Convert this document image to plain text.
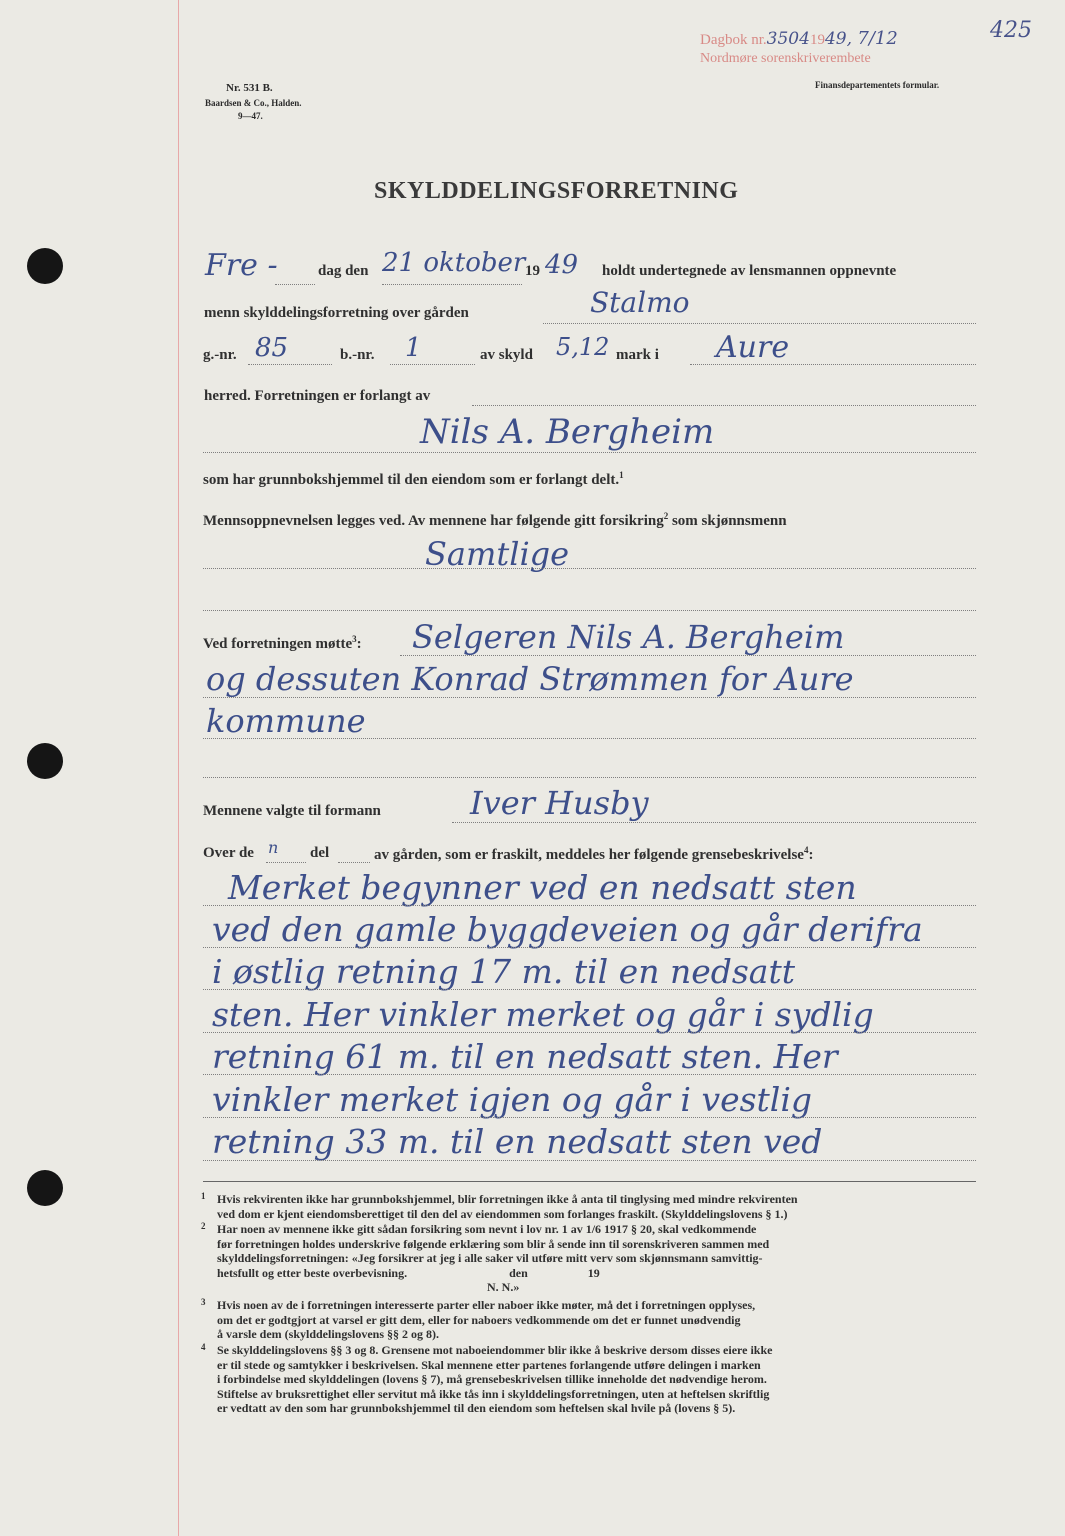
Dagbok nr.35041949, 7/12
Nordmøre sorenskriverembete
425
Nr. 531 B.
Baardsen & Co., Halden.
9—47.
Finansdepartementets formular.
SKYLDDELINGSFORRETNING
Fre -	dag den 21 oktober 19 49 holdt undertegnede av lensmannen oppnevnte
menn skylddelingsforretning over gården	Stalmo
g.-nr. 85	b.-nr. 1	av skyld 5,12 mark i Aure
herred. Forretningen er forlangt av
Nils A. Bergheim
som har grunnbokshjemmel til den eiendom som er forlangt delt.$^1$
Mennsoppnevnelsen legges ved. Av mennene har følgende gitt forsikring$^2$ som skjønnsmenn
Samtlige
Ved forretningen møtte$^3$: Selgeren Nils A. Bergheim
og dessuten Konrad Strømmen for Aure
kommune
Mennene valgte til formann	Iver Husby
Over de n del	av gården, som er fraskilt, meddeles her følgende grensebeskrivelse$^4$:
Merket begynner ved en nedsatt sten
ved den gamle byggdeveien og går derifra
i østlig retning 17 m. til en nedsatt
sten. Her vinkler merket og går i sydlig
retning 61 m. til en nedsatt sten. Her
vinkler merket igjen og går i vestlig
retning 33 m. til en nedsatt sten ved
1 Hvis rekvirenten ikke har grunnbokshjemmel, blir forretningen ikke å anta til tinglysing med mindre rekvirenten
ved dom er kjent eiendomsberettiget til den del av eiendommen som forlanges fraskilt. (Skylddelingslovens § 1.)
2 Har noen av mennene ikke gitt sådan forsikring som nevnt i lov nr. 1 av 1/6 1917 § 20, skal vedkommende
før forretningen holdes underskrive følgende erklæring som blir å sende inn til sorenskriveren sammen med
skylddelingsforretningen: «Jeg forsikrer at jeg i alle saker vil utføre mitt verv som skjønnsmann samvittig-
hetsfullt og etter beste overbevisning.                                  den                    19
N. N.»
3 Hvis noen av de i forretningen interesserte parter eller naboer ikke møter, må det i forretningen opplyses,
om det er godtgjort at varsel er gitt dem, eller for naboers vedkommende om det er funnet unødvendig
å varsle dem (skylddelingslovens §§ 2 og 8).
4 Se skylddelingslovens §§ 3 og 8. Grensene mot naboeiendommer blir ikke å beskrive dersom disses eiere ikke
er til stede og samtykker i beskrivelsen. Skal mennene etter partenes forlangende utføre delingen i marken
i forbindelse med skylddelingen (lovens § 7), må grensebeskrivelsen tillike inneholde det nødvendige herom.
Stiftelse av bruksrettighet eller servitut må ikke tås inn i skylddelingsforretningen, uten at heftelsen skriftlig
er vedtatt av den som har grunnbokshjemmel til den eiendom som heftelsen skal hvile på (lovens § 5).
